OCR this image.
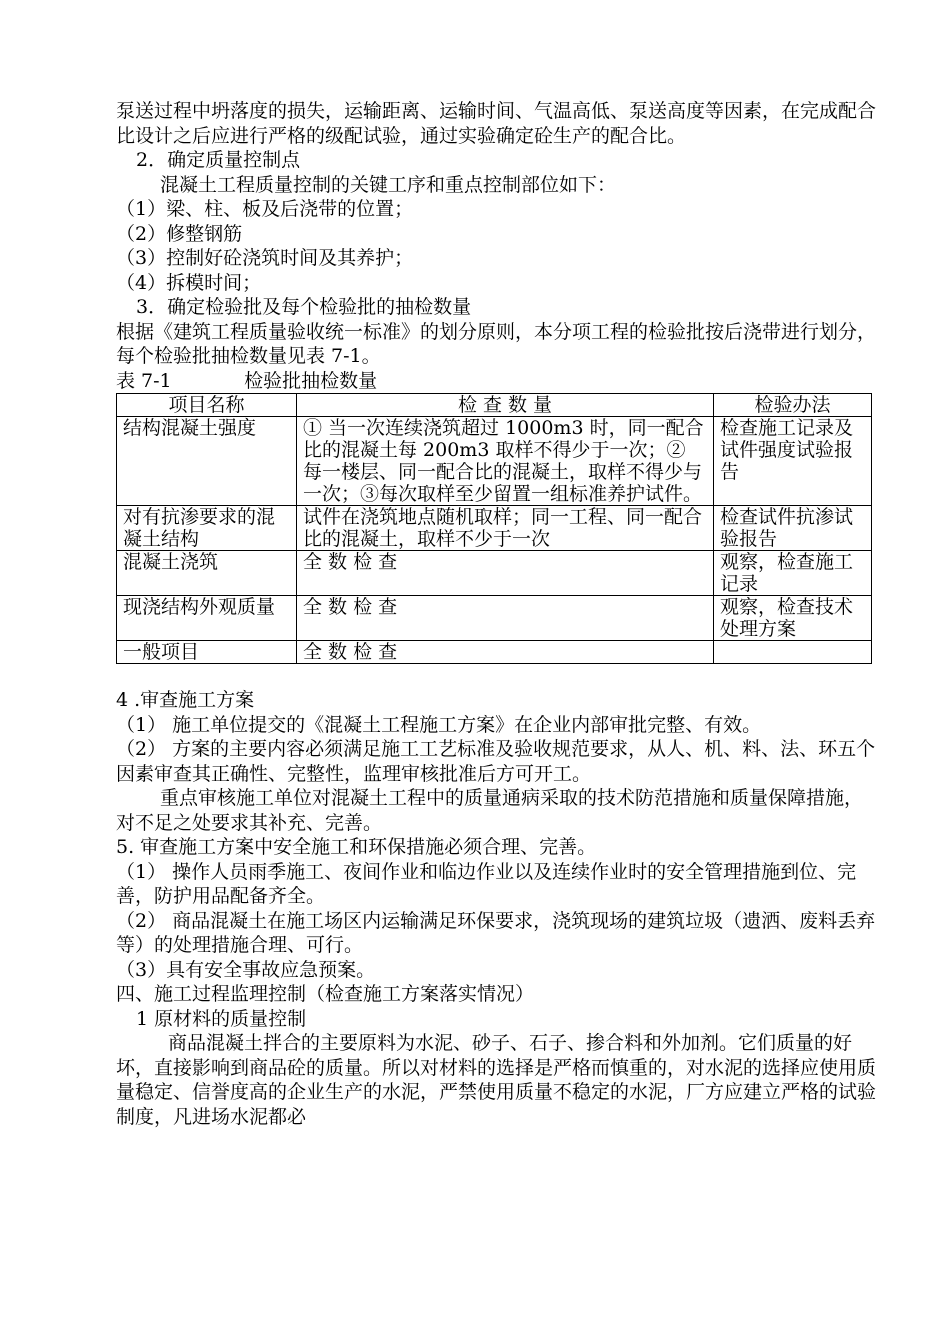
泵送过程中坍落度的损失，运输距离、运输时间、气温高低、泵送高度等因素，在完成配合比设计之后应进行严格的级配试验，通过实验确定砼生产的配合比。

2．确定质量控制点

混凝土工程质量控制的关键工序和重点控制部位如下：

（1）梁、柱、板及后浇带的位置；

（2）修整钢筋

（3）控制好砼浇筑时间及其养护；

（4）拆模时间；

3．确定检验批及每个检验批的抽检数量

根据《建筑工程质量验收统一标准》的划分原则，本分项工程的检验批按后浇带进行划分，每个检验批抽检数量见表 7-1。

表 7-1	检验批抽检数量

项目名称	检 查 数 量	检验办法
结构混凝土强度	① 当一次连续浇筑超过 1000m3 时，同一配合比的混凝土每 200m3 取样不得少于一次；② 每一楼层、同一配合比的混凝土，取样不得少与一次；③每次取样至少留置一组标准养护试件。	检查施工记录及试件强度试验报告
对有抗渗要求的混凝土结构	试件在浇筑地点随机取样；同一工程、同一配合比的混凝土，取样不少于一次	检查试件抗渗试验报告
混凝土浇筑	全 数 检 查	观察，检查施工记录
现浇结构外观质量	全 数 检 查	观察，检查技术处理方案
一般项目	全 数 检 查	

4 .审查施工方案

（1） 施工单位提交的《混凝土工程施工方案》在企业内部审批完整、有效。

（2） 方案的主要内容必须满足施工工艺标准及验收规范要求，从人、机、料、法、环五个因素审查其正确性、完整性，监理审核批准后方可开工。

重点审核施工单位对混凝土工程中的质量通病采取的技术防范措施和质量保障措施，对不足之处要求其补充、完善。

5. 审查施工方案中安全施工和环保措施必须合理、完善。

（1） 操作人员雨季施工、夜间作业和临边作业以及连续作业时的安全管理措施到位、完善，防护用品配备齐全。

（2） 商品混凝土在施工场区内运输满足环保要求，浇筑现场的建筑垃圾（遗洒、废料丢弃等）的处理措施合理、可行。

（3）具有安全事故应急预案。

四、施工过程监理控制（检查施工方案落实情况）

1 原材料的质量控制

商品混凝土拌合的主要原料为水泥、砂子、石子、掺合料和外加剂。它们质量的好坏，直接影响到商品砼的质量。所以对材料的选择是严格而慎重的，对水泥的选择应使用质量稳定、信誉度高的企业生产的水泥，严禁使用质量不稳定的水泥，厂方应建立严格的试验制度，凡进场水泥都必
